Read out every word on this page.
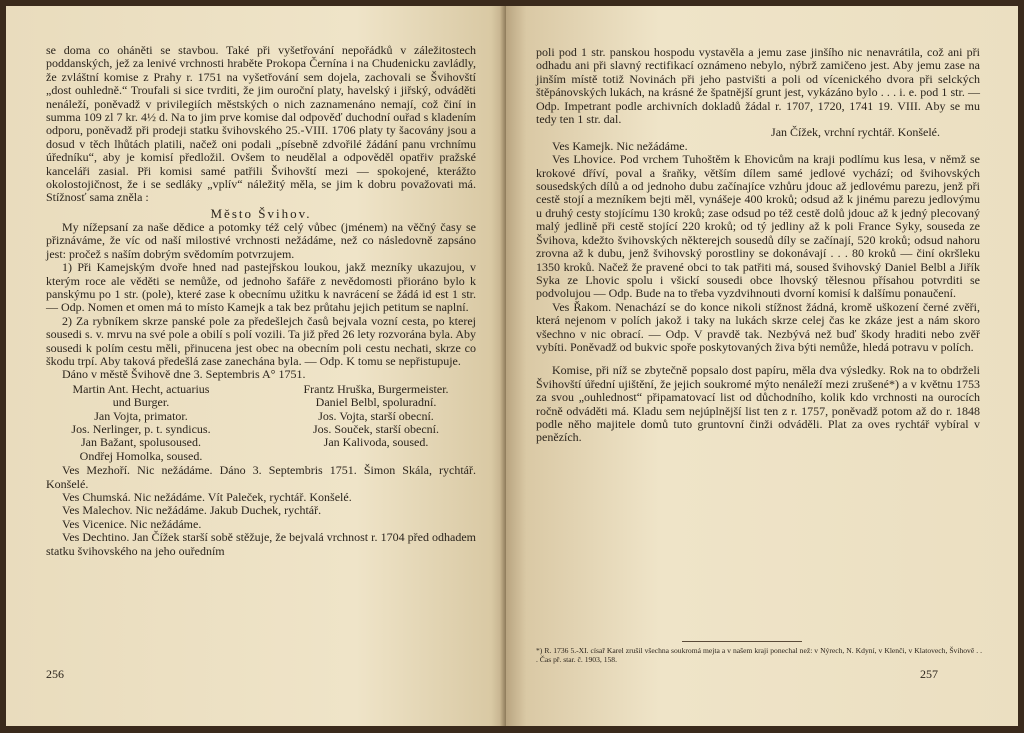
se doma co oháněti se stavbou. Také při vyšetřování nepořádků v záležitostech poddanských, jež za lenivé vrchnosti hraběte Prokopa Černína i na Chudenicku zavládly, že zvláštní komise z Prahy r. 1751 na vyšetřování sem dojela, zachovali se Švihovští „dost ouhledně.“ Troufali si sice tvrditi, že jim ouroční platy, havelský i jiřský, odváděti nenáleží, poněvadž v privilegiích městských o nich zaznamenáno nemají, což činí in summa 109 zl 7 kr. 4½ d. Na to jim prve komise dal odpověď duchodní ouřad s kladením odporu, poněvadž při prodeji statku švihovského 25.-VIII. 1706 platy ty šacovány jsou a dosud v těch lhůtách platili, načež oni podali „písebně zdvořilé žádání panu vrchnímu úředníku“, aby je komisí předložil. Ovšem to neudělal a odpověděl opatřiv pražské kanceláři zasial. Při komisi samé patřili Švihovští mezi — spokojené, kterážto okolostojičnost, že i se sedláky „vplív“ náležitý měla, se jim k dobru považovati má. Stížnosť sama zněla :

Město Švihov.

My nížepsaní za naše dědice a potomky též celý vůbec (jménem) na věčný časy se přiznáváme, že víc od naší milostivé vrchnosti nežádáme, než co následovně zapsáno jest: pročež s naším dobrým svědomím potvrzujem.

1) Při Kamejským dvoře hned nad pastejřskou loukou, jakž mezníky ukazujou, v kterým roce ale věděti se nemůže, od jednoho šafáře z nevědomosti přioráno bylo k panskýmu po 1 str. (pole), které zase k obecnímu užitku k navrácení se žádá id est 1 str. — Odp. Nomen et omen má to místo Kamejk a tak bez průtahu jejich petitum se naplní.

2) Za rybníkem skrze panské pole za předešlejch časů bejvala vozní cesta, po kterej sousedi s. v. mrvu na své pole a obilí s polí vozili. Ta již před 26 lety rozvorána byla. Aby sousedi k polím cestu měli, přinucena jest obec na obecním poli cestu nechati, skrze co škodu trpí. Aby taková předešlá zase zanechána byla. — Odp. K tomu se nepřistupuje.

Dáno v městě Švihově dne 3. Septembris A° 1751.

Martin Ant. Hecht, actuarius
und Burger.
Jan Vojta, primator.
Jos. Nerlinger, p. t. syndicus.
Jan Bažant, spolusoused.
Ondřej Homolka, soused.
Frantz Hruška, Burgermeister.
Daniel Belbl, spoluradní.
Jos. Vojta, starší obecní.
Jos. Souček, starší obecní.
Jan Kalivoda, soused.

Ves Mezhoří. Nic nežádáme. Dáno 3. Septembris 1751. Šimon Skála, rychtář. Konšelé.

Ves Chumská. Nic nežádáme. Vít Paleček, rychtář. Konšelé.

Ves Malechov. Nic nežádáme. Jakub Duchek, rychtář.

Ves Vicenice. Nic nežádáme.

Ves Dechtino. Jan Čížek starší sobě stěžuje, že bejvalá vrchnost r. 1704 před odhadem statku švihovského na jeho ouředním

256

poli pod 1 str. panskou hospodu vystavěla a jemu zase jinšího nic nenavrátila, což ani při odhadu ani při slavný rectifikací oznámeno nebylo, nýbrž zamičeno jest. Aby jemu zase na jinším místě totiž Novinách při jeho pastvišti a poli od vícenického dvora při selckých štěpánovských lukách, na krásné že špatnější grunt jest, vykázáno bylo . . . i. e. pod 1 str. — Odp. Impetrant podle archivních dokladů žádal r. 1707, 1720, 1741 19. VIII. Aby se mu tedy ten 1 str. dal.

Jan Čížek, vrchní rychtář. Konšelé.

Ves Kamejk. Nic nežádáme.

Ves Lhovice. Pod vrchem Tuhoštěm k Ehovicům na kraji podlímu kus lesa, v němž se krokové dříví, poval a šraňky, větším dílem samé jedlové vychází; od švihovských sousedských dílů a od jednoho dubu začínajíce vzhůru jdouc až jedlovému parezu, jenž při cestě stojí a mezníkem bejti měl, vynášeje 400 kroků; odsud až k jinému parezu jedlovýmu u druhý cesty stojícímu 130 kroků; zase odsud po též cestě dolů jdouc až k jedný plecovaný malý jedlině při cestě stojící 220 kroků; od tý jedliny až k poli France Syky, souseda ze Švihova, kdežto švihovských některejch sousedů díly se začínají, 520 kroků; odsud nahoru zrovna až k dubu, jenž švihovský porostliny se dokonávají . . . 80 kroků — činí okršleku 1350 kroků. Načež že pravené obci to tak patřiti má, soused švihovský Daniel Belbl a Jiřík Syka ze Lhovic spolu i všickí sousedi obce lhovský tělesnou přísahou potvrditi se podvolujou — Odp. Bude na to třeba vyzdvihnouti dvorní komisí k dalšímu ponaučení.

Ves Řakom. Nenachází se do konce nikoli stížnost žádná, kromě uškození černé zvěři, která nejenom v polích jakož i taky na lukách skrze celej čas ke zkáze jest a nám skoro všechno v nic obrací. — Odp. V pravdě tak. Nezbývá než buď škody hraditi nebo zvěř vybíti. Poněvadž od bukvic spoře poskytovaných živa býti nemůže, hledá potravu v polích.

Komise, při níž se zbytečně popsalo dost papíru, měla dva výsledky. Rok na to obdrželi Švihovští úřední ujištění, že jejich soukromé mýto nenáleží mezi zrušené*) a v květnu 1753 za svou „ouhlednost“ připamatovací list od důchodního, kolik kdo vrchnosti na ourocích ročně odváděti má. Kladu sem nejúplnější list ten z r. 1757, poněvadž potom až do r. 1848 podle něho majitele domů tuto gruntovní činži odváděli. Plat za oves rychtář vybíral v penězích.

*) R. 1736 5.-XI. císař Karel zrušil všechna soukromá mejta a v našem kraji ponechal než: v Nýrech, N. Kdyní, v Klenči, v Klatovech, Švihově . . . Čas př. star. č. 1903, 158.
257
